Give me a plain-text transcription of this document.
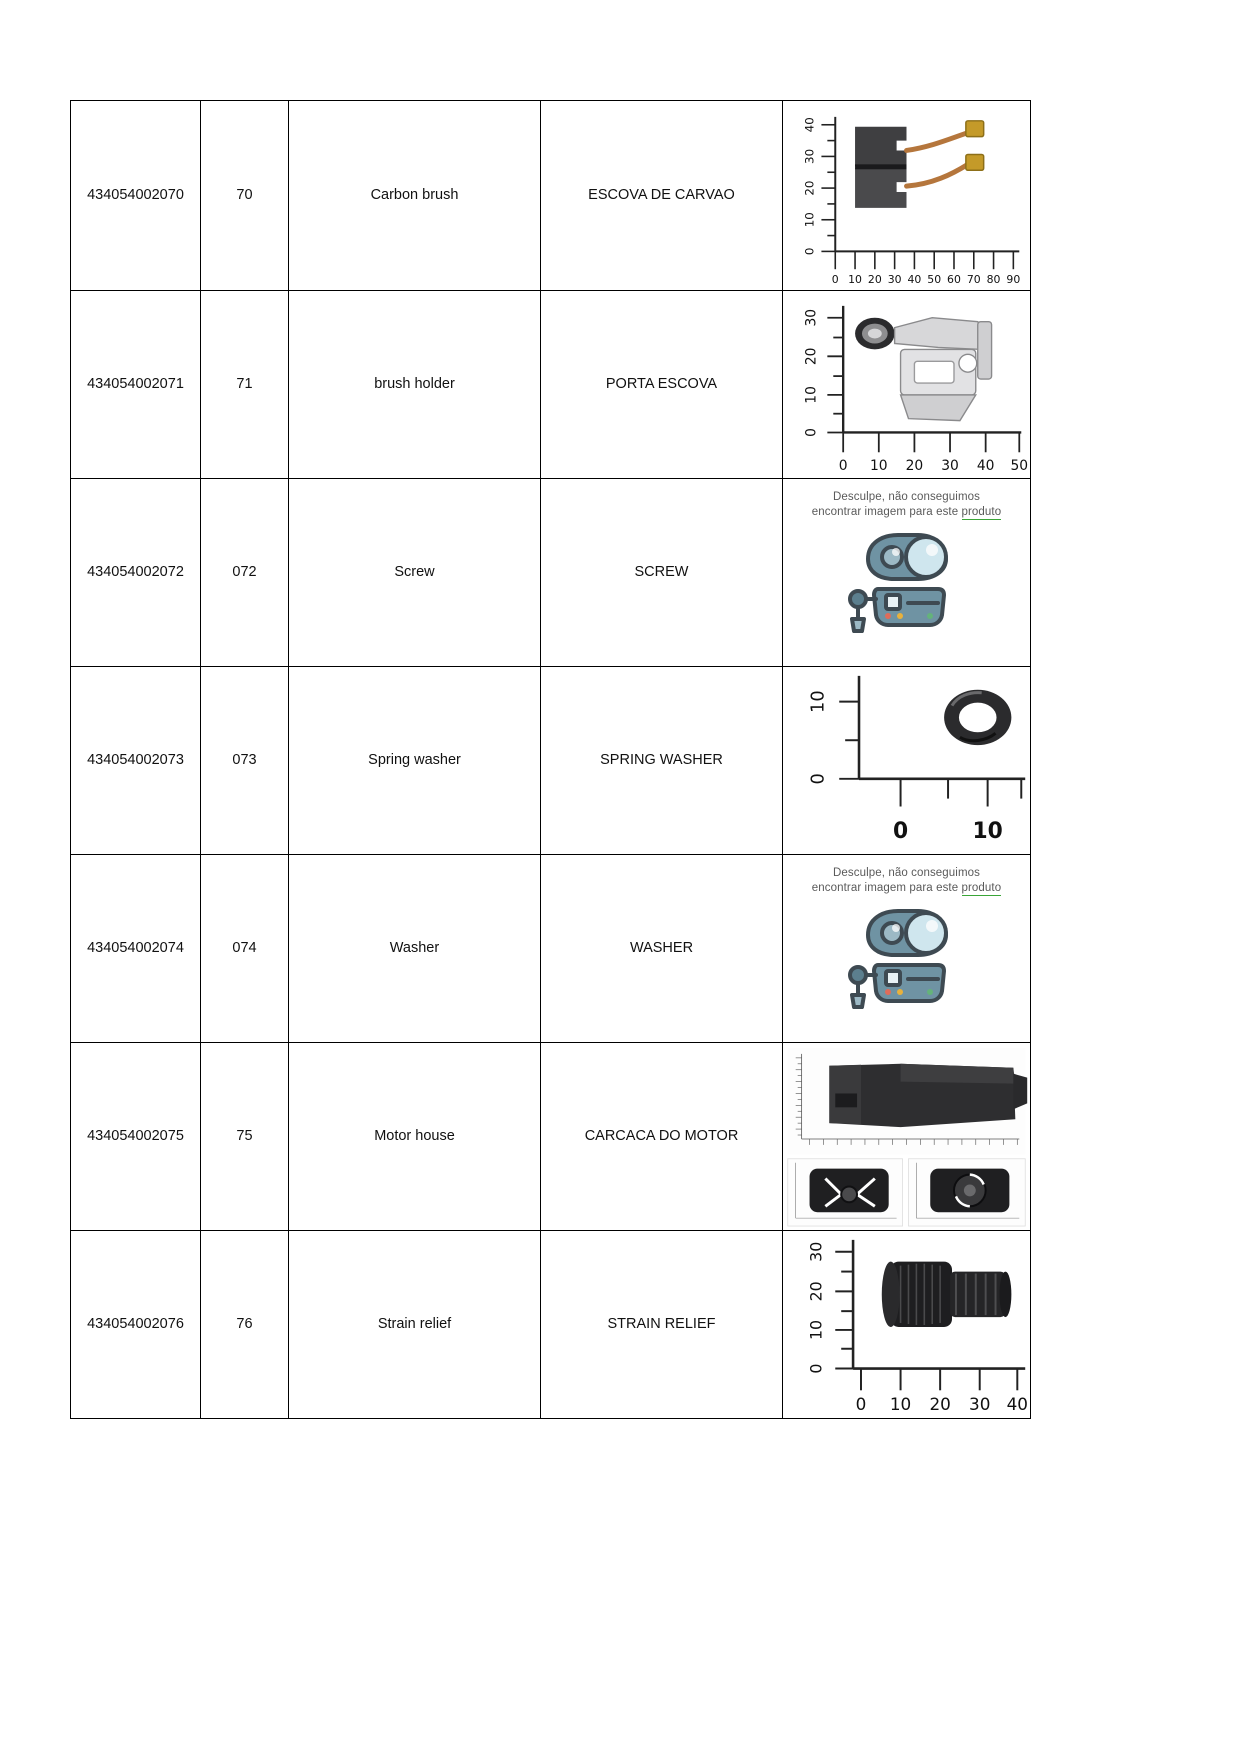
434054002070	70	Carbon brush	ESCOVA DE CARVAO

40
30
20
10
0
0 10 20 30 40 50 60 70 80 90

434054002071	71	brush holder	PORTA ESCOVA

30
20
10
0
0 10 20 30 40 50

434054002072	072	Screw	SCREW	Desculpe, não conseguimos
encontrar imagem para este produto

434054002073	073	Spring washer	SPRING WASHER	10
0
0 10

434054002074	074	Washer	WASHER	Desculpe, não conseguimos
encontrar imagem para este produto

434054002075	75	Motor house	CARCACA DO MOTOR

434054002076	76	Strain relief	STRAIN RELIEF

30
20
10
0
0 10 20 30 40
